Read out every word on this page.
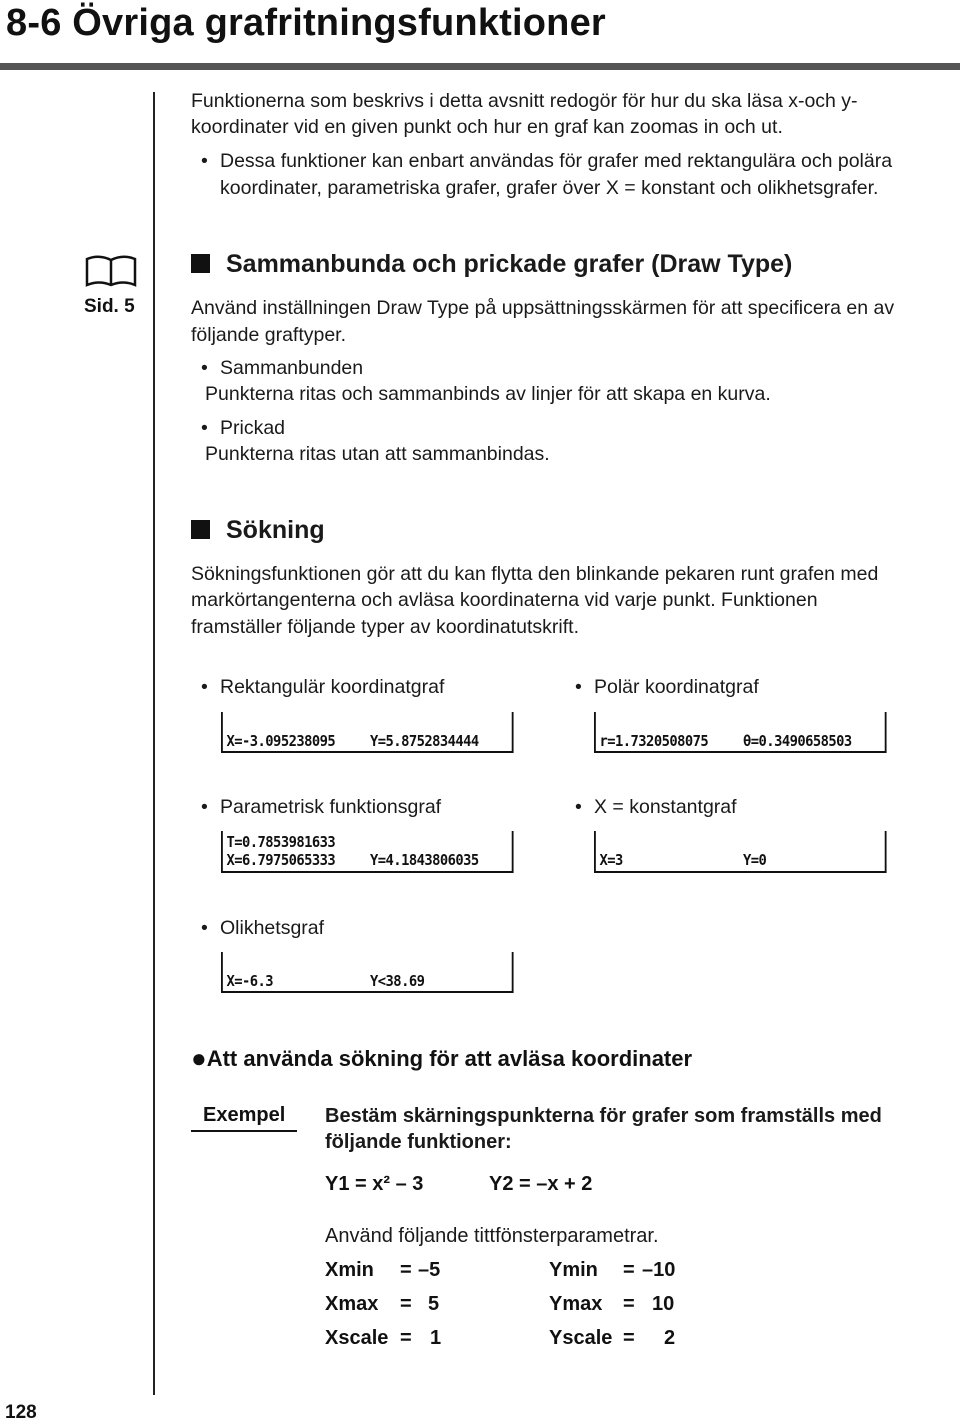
8-6 Övriga grafritningsfunktioner
Funktionerna som beskrivs i detta avsnitt redogör för hur du ska läsa x-och y-
koordinater vid en given punkt och hur en graf kan zoomas in och ut.
• Dessa funktioner kan enbart användas för grafer med rektangulära och polära
koordinater, parametriska grafer, grafer över X = konstant och olikhetsgrafer.
Sid. 5
Sammanbunda och prickade grafer (Draw Type)
Använd inställningen Draw Type på uppsättningsskärmen för att specificera en av
följande graftyper.
• Sammanbunden
Punkterna ritas och sammanbinds av linjer för att skapa en kurva.
• Prickad
Punkterna ritas utan att sammanbindas.
Sökning
Sökningsfunktionen gör att du kan flytta den blinkande pekaren runt grafen med
markörtangenterna och avläsa koordinaterna vid varje punkt. Funktionen
framställer följande typer av koordinatutskrift.
• Rektangulär koordinatgraf	• Polär koordinatgraf
X=-3.095238095 Y=5.8752834444	r=1.7320508075 θ=0.3490658503
• Parametrisk funktionsgraf	• X = konstantgraf
T=0.7853981633
X=6.7975065333 Y=4.1843806035	X=3	Y=0
• Olikhetsgraf
X=-6.3	Y<38.69
●Att använda sökning för att avläsa koordinater
Exempel	Bestäm skärningspunkterna för grafer som framställs med
följande funktioner:
Y1 = x² – 3	Y2 = –x + 2
Använd följande tittfönsterparametrar.
Xmin = –5	Ymin = –10
Xmax = 5	Ymax = 10
Xscale = 1	Yscale = 2
128
